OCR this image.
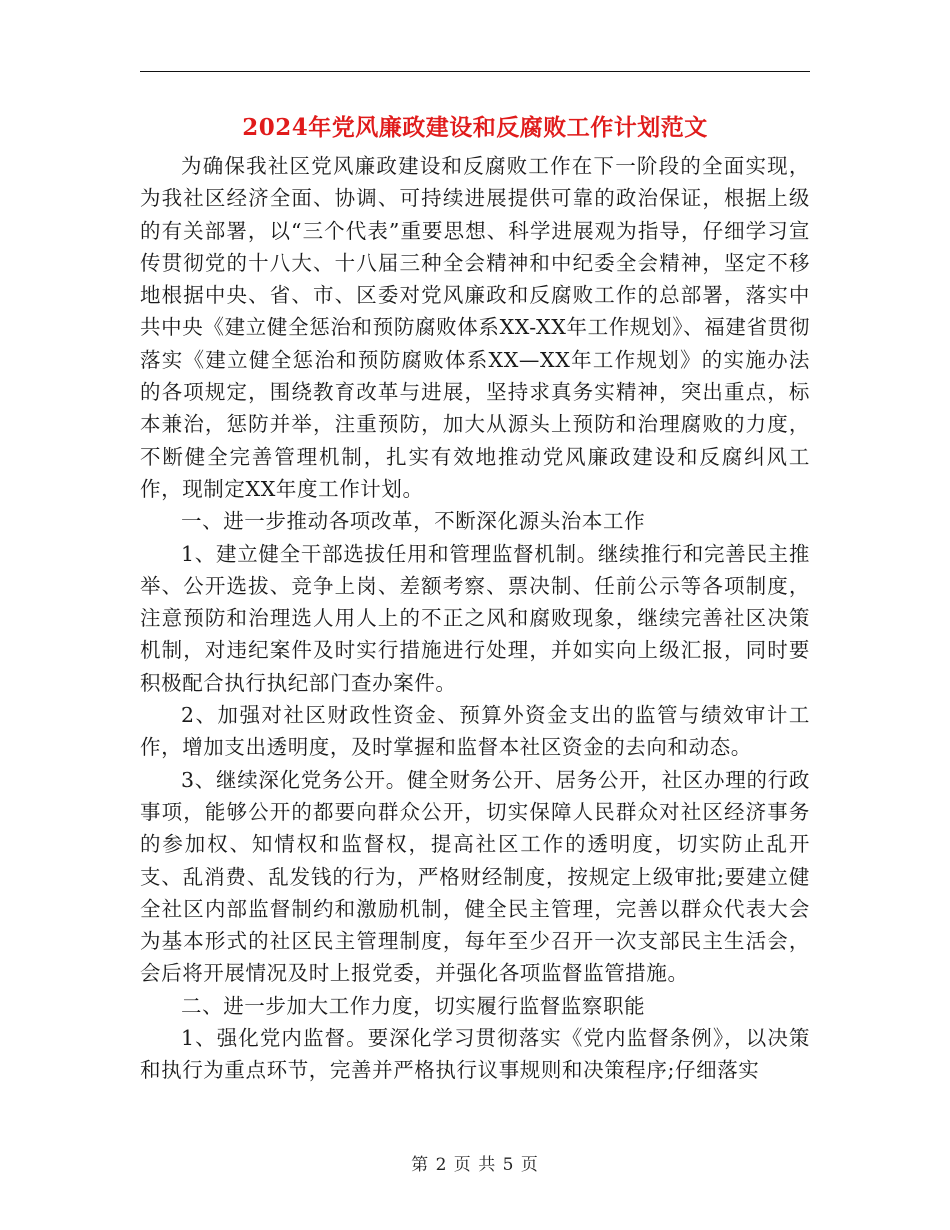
2024年党风廉政建设和反腐败工作计划范文

为确保我社区党风廉政建设和反腐败工作在下一阶段的全面实现，为我社区经济全面、协调、可持续进展提供可靠的政治保证，根据上级的有关部署，以“三个代表”重要思想、科学进展观为指导，仔细学习宣传贯彻党的十八大、十八届三种全会精神和中纪委全会精神，坚定不移地根据中央、省、市、区委对党风廉政和反腐败工作的总部署，落实中共中央《建立健全惩治和预防腐败体系XX-XX年工作规划》、福建省贯彻落实《建立健全惩治和预防腐败体系XX—XX年工作规划》的实施办法的各项规定，围绕教育改革与进展，坚持求真务实精神，突出重点，标本兼治，惩防并举，注重预防，加大从源头上预防和治理腐败的力度，不断健全完善管理机制，扎实有效地推动党风廉政建设和反腐纠风工作，现制定XX年度工作计划。

一、进一步推动各项改革，不断深化源头治本工作

1、建立健全干部选拔任用和管理监督机制。继续推行和完善民主推举、公开选拔、竞争上岗、差额考察、票决制、任前公示等各项制度，注意预防和治理选人用人上的不正之风和腐败现象，继续完善社区决策机制，对违纪案件及时实行措施进行处理，并如实向上级汇报，同时要积极配合执行执纪部门查办案件。

2、加强对社区财政性资金、预算外资金支出的监管与绩效审计工作，增加支出透明度，及时掌握和监督本社区资金的去向和动态。

3、继续深化党务公开。健全财务公开、居务公开，社区办理的行政事项，能够公开的都要向群众公开，切实保障人民群众对社区经济事务的参加权、知情权和监督权，提高社区工作的透明度，切实防止乱开支、乱消费、乱发钱的行为，严格财经制度，按规定上级审批;要建立健全社区内部监督制约和激励机制，健全民主管理，完善以群众代表大会为基本形式的社区民主管理制度，每年至少召开一次支部民主生活会，会后将开展情况及时上报党委，并强化各项监督监管措施。

二、进一步加大工作力度，切实履行监督监察职能

1、强化党内监督。要深化学习贯彻落实《党内监督条例》，以决策和执行为重点环节，完善并严格执行议事规则和决策程序;仔细落实

第 2 页 共 5 页
